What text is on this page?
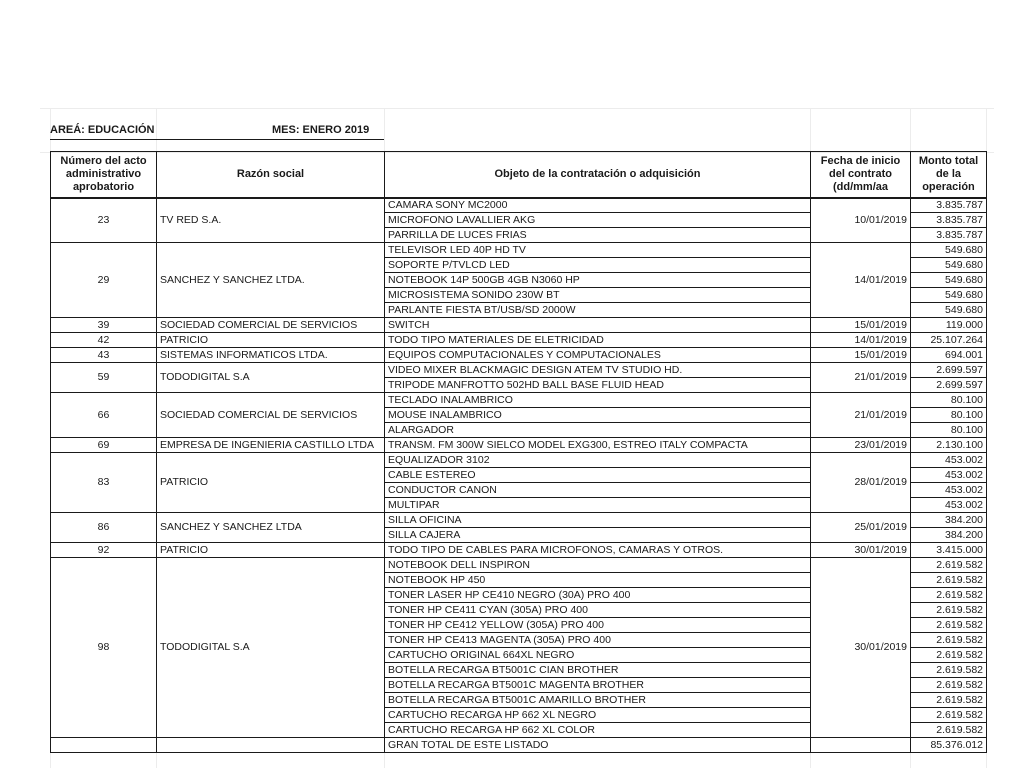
AREÁ: EDUCACIÓN	MES: ENERO 2019
Número del acto administrativo aprobatorio	Razón social	Objeto de la contratación o adquisición	Fecha de inicio del contrato (dd/mm/aa	Monto total de la operación
23	TV RED S.A.	CAMARA SONY MC2000	10/01/2019	3.835.787
		MICROFONO LAVALLIER AKG		3.835.787
		PARRILLA DE LUCES FRIAS		3.835.787
29	SANCHEZ Y SANCHEZ LTDA.	TELEVISOR LED 40P HD TV	14/01/2019	549.680
		SOPORTE P/TVLCD LED		549.680
		NOTEBOOK 14P 500GB 4GB N3060 HP		549.680
		MICROSISTEMA SONIDO 230W BT		549.680
		PARLANTE FIESTA BT/USB/SD 2000W		549.680
39	SOCIEDAD COMERCIAL DE SERVICIOS	SWITCH	15/01/2019	119.000
42	PATRICIO	TODO TIPO MATERIALES DE ELETRICIDAD	14/01/2019	25.107.264
43	SISTEMAS INFORMATICOS LTDA.	EQUIPOS COMPUTACIONALES Y COMPUTACIONALES	15/01/2019	694.001
59	TODODIGITAL S.A	VIDEO MIXER BLACKMAGIC DESIGN ATEM TV STUDIO HD.	21/01/2019	2.699.597
		TRIPODE MANFROTTO 502HD BALL BASE FLUID HEAD		2.699.597
66	SOCIEDAD COMERCIAL DE SERVICIOS	TECLADO INALAMBRICO	21/01/2019	80.100
		MOUSE INALAMBRICO		80.100
		ALARGADOR		80.100
69	EMPRESA DE INGENIERIA CASTILLO LTDA	TRANSM. FM 300W SIELCO MODEL EXG300, ESTREO ITALY COMPACTA	23/01/2019	2.130.100
83	PATRICIO	EQUALIZADOR 3102	28/01/2019	453.002
		CABLE ESTEREO		453.002
		CONDUCTOR CANON		453.002
		MULTIPAR		453.002
86	SANCHEZ Y SANCHEZ LTDA	SILLA OFICINA	25/01/2019	384.200
		SILLA CAJERA		384.200
92	PATRICIO	TODO TIPO DE CABLES PARA MICROFONOS, CAMARAS Y OTROS.	30/01/2019	3.415.000
98	TODODIGITAL S.A	NOTEBOOK DELL INSPIRON	30/01/2019	2.619.582
		NOTEBOOK HP 450		2.619.582
		TONER LASER HP CE410 NEGRO (30A) PRO 400		2.619.582
		TONER HP CE411 CYAN (305A) PRO 400		2.619.582
		TONER HP CE412 YELLOW (305A) PRO 400		2.619.582
		TONER HP CE413 MAGENTA (305A) PRO 400		2.619.582
		CARTUCHO ORIGINAL 664XL NEGRO		2.619.582
		BOTELLA RECARGA BT5001C CIAN BROTHER		2.619.582
		BOTELLA RECARGA BT5001C MAGENTA BROTHER		2.619.582
		BOTELLA RECARGA BT5001C AMARILLO BROTHER		2.619.582
		CARTUCHO RECARGA HP 662 XL NEGRO		2.619.582
		CARTUCHO RECARGA HP 662 XL COLOR		2.619.582
		GRAN TOTAL DE ESTE LISTADO		85.376.012
